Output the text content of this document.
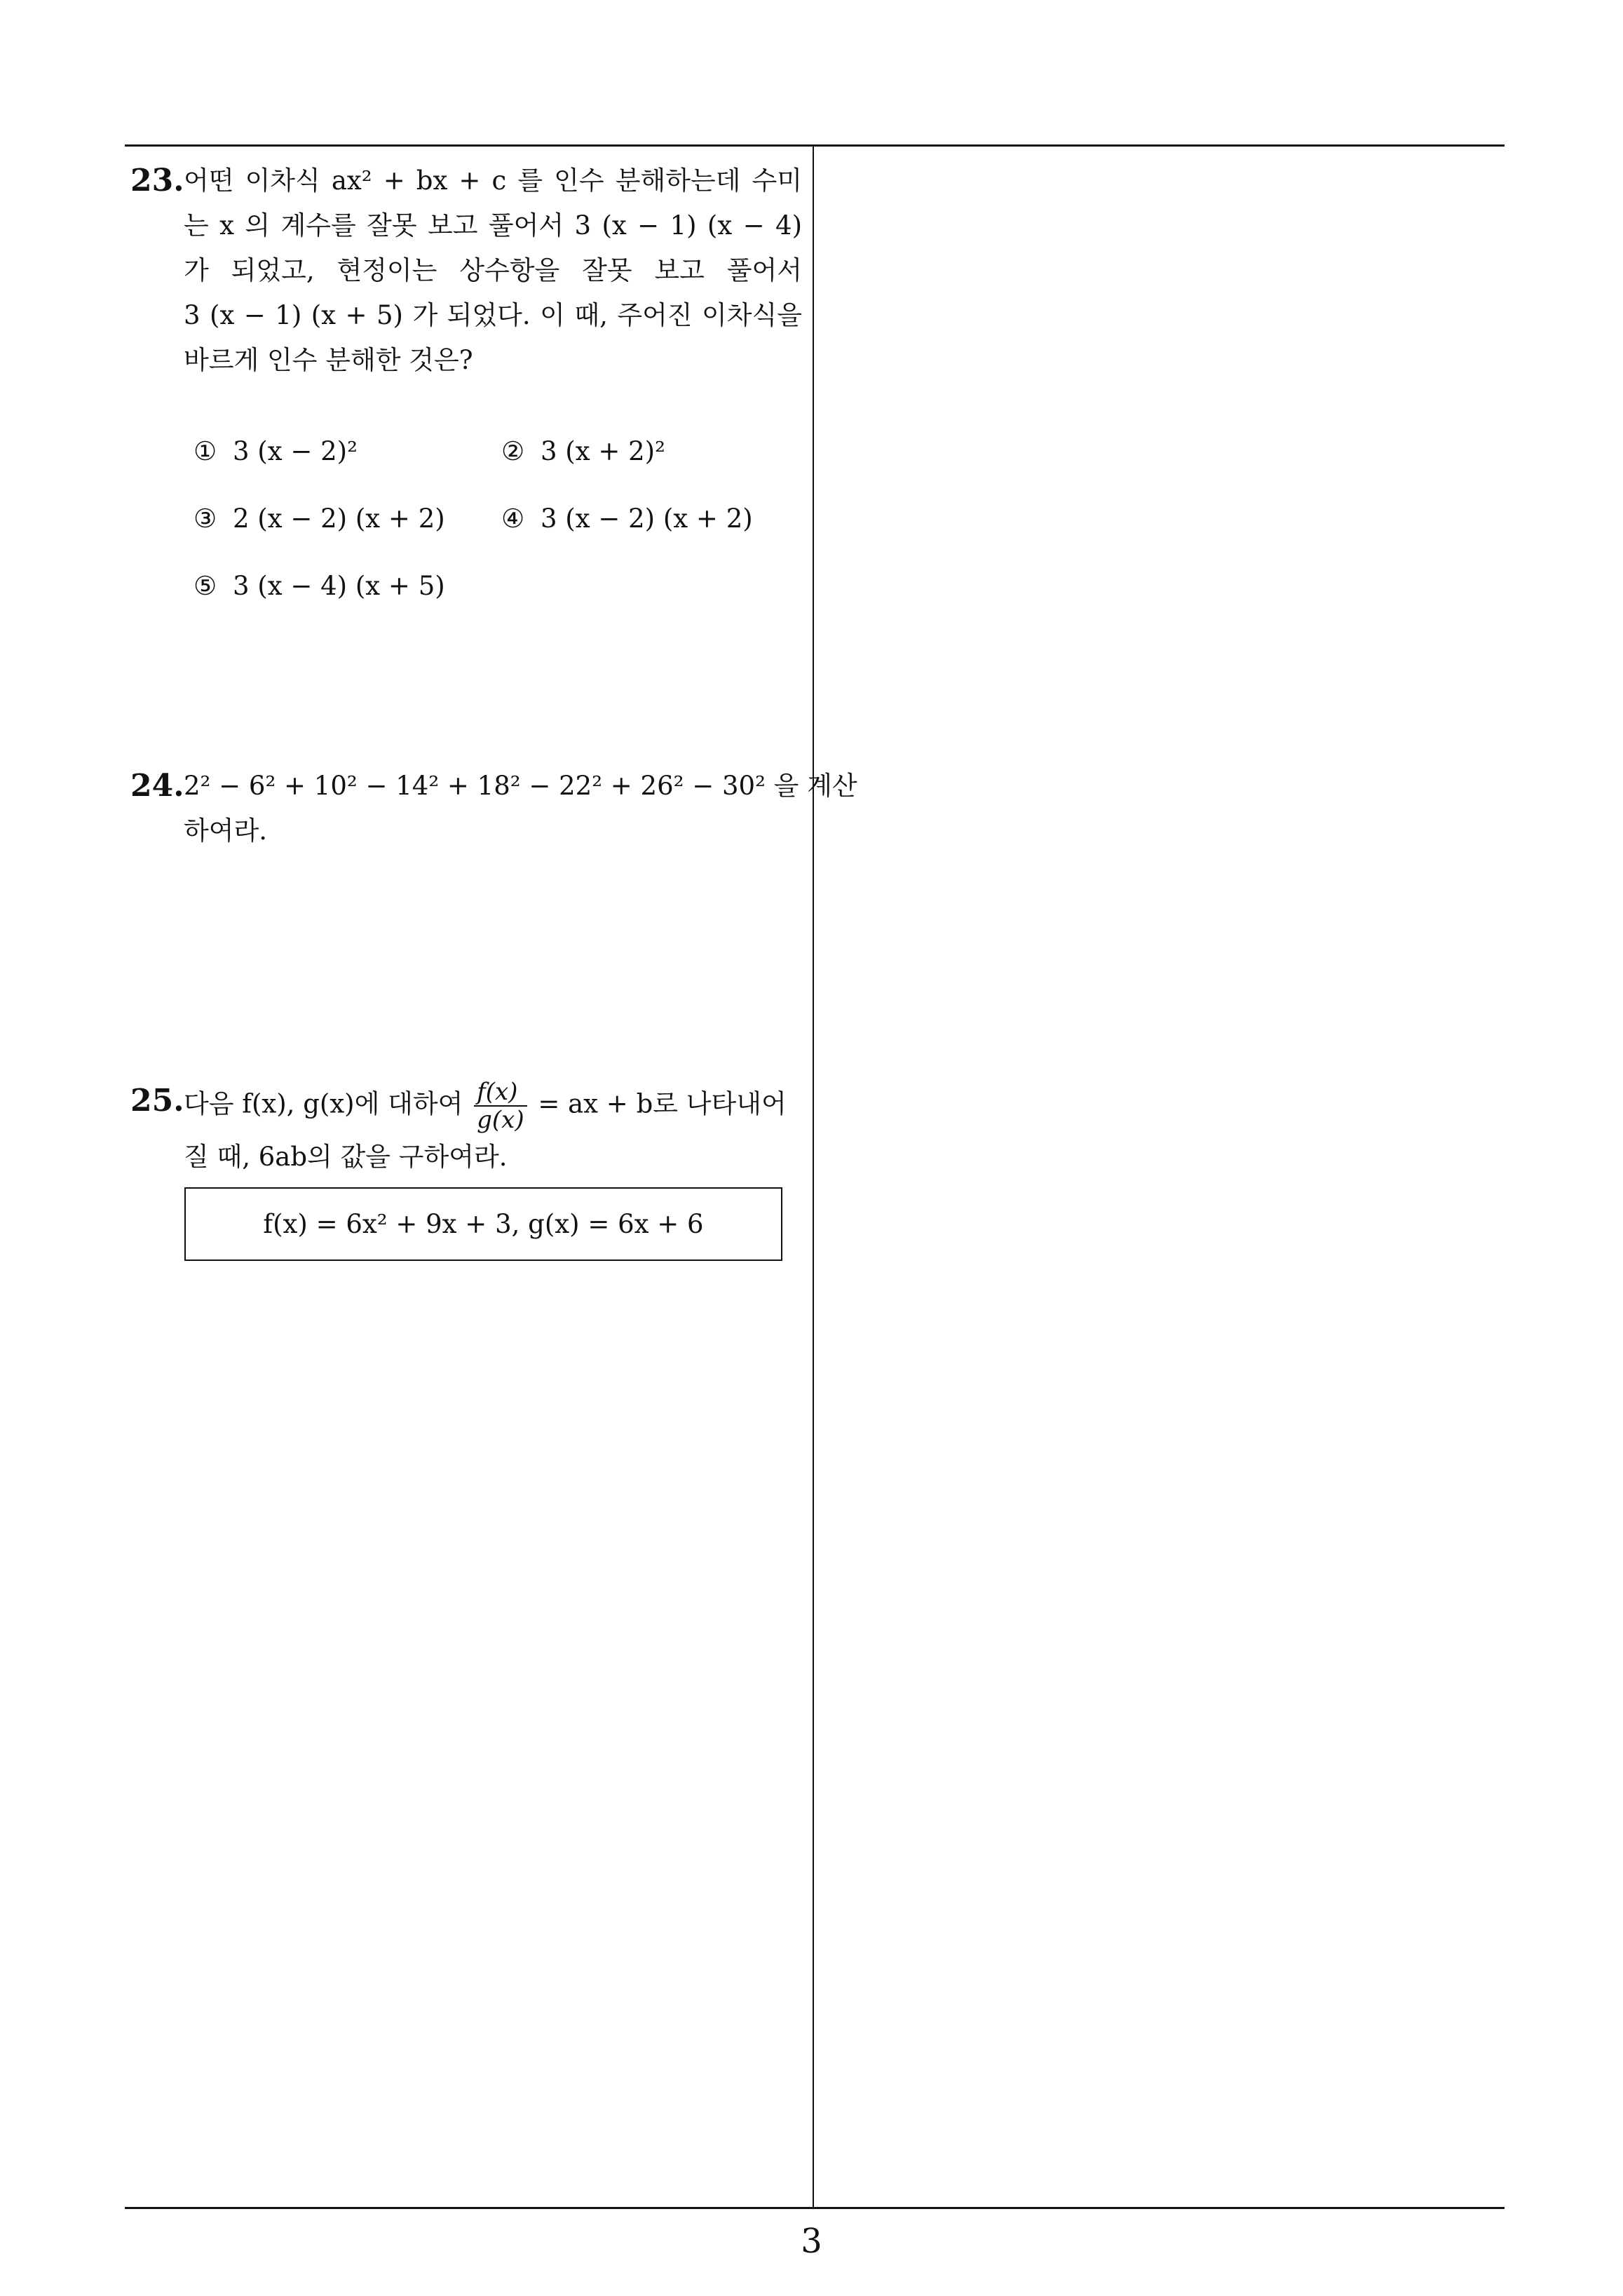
23. 어떤 이차식 ax² + bx + c 를 인수 분해하는데 수미
는 x 의 계수를 잘못 보고 풀어서 3 (x − 1) (x − 4)
가 되었고, 현정이는 상수항을 잘못 보고 풀어서
3 (x − 1) (x + 5) 가 되었다. 이 때, 주어진 이차식을
바르게 인수 분해한 것은?
① 3 (x − 2)²	② 3 (x + 2)²
③ 2 (x − 2) (x + 2) ④ 3 (x − 2) (x + 2)
⑤ 3 (x − 4) (x + 5)
24. 2² − 6² + 10² − 14² + 18² − 22² + 26² − 30² 을 계산
하여라.
25. 다음 f(x), g(x)에 대하여 $\frac{f(x)}{g(x)}$ = ax + b로 나타내어
질 때, 6ab의 값을 구하여라.
f(x) = 6x² + 9x + 3, g(x) = 6x + 6
3
